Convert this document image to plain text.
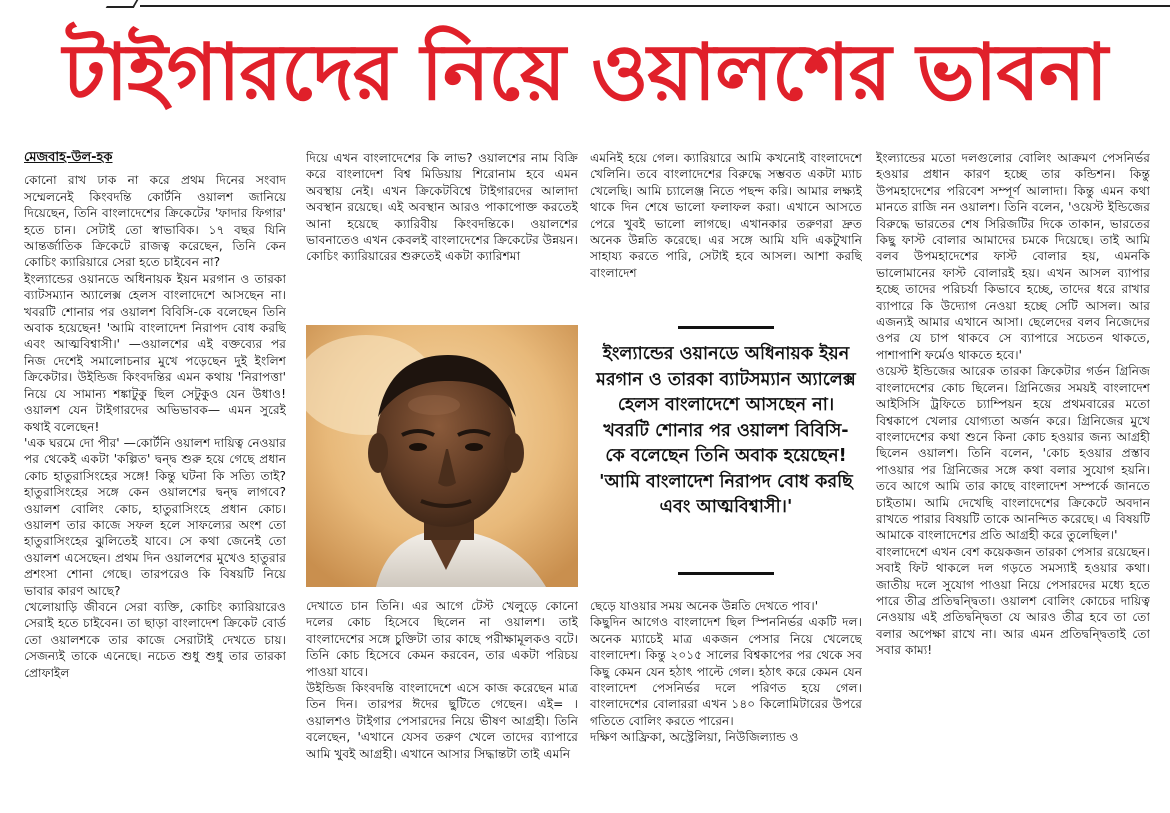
টাইগারদের নিয়ে ওয়ালশের ভাবনা

মেজবাহ-উল-হক

কোনো রাখ ঢাক না করে প্রথম দিনের সংবাদ সম্মেলনেই কিংবদন্তি কোর্টনি ওয়ালশ জানিয়ে দিয়েছেন, তিনি বাংলাদেশের ক্রিকেটের 'ফাদার ফিগার' হতে চান। সেটাই তো স্বাভাবিক। ১৭ বছর যিনি আন্তর্জাতিক ক্রিকেটে রাজত্ব করেছেন, তিনি কেন কোচিং ক্যারিয়ারে সেরা হতে চাইবেন না?

ইংল্যান্ডের ওয়ানডে অধিনায়ক ইয়ন মরগান ও তারকা ব্যাটসম্যান অ্যালেক্স হেলস বাংলাদেশে আসছেন না। খবরটি শোনার পর ওয়ালশ বিবিসি-কে বলেছেন তিনি অবাক হয়েছেন! 'আমি বাংলাদেশ নিরাপদ বোধ করছি এবং আত্মবিশ্বাসী।' —ওয়ালশের এই বক্তব্যের পর নিজ দেশেই সমালোচনার মুখে পড়েছেন দুই ইংলিশ ক্রিকেটার। উইন্ডিজ কিংবদন্তির এমন কথায় 'নিরাপত্তা' নিয়ে যে সামান্য শঙ্কাটুকু ছিল সেটুকুও যেন উধাও! ওয়ালশ যেন টাইগারদের অভিভাবক— এমন সুরেই কথাই বলেছেন!

'এক ঘরমে দো পীর' —কোর্টনি ওয়ালশ দায়িত্ব নেওয়ার পর থেকেই একটা 'কল্পিত' দ্বন্দ্ব শুরু হয়ে গেছে প্রধান কোচ হাতুরাসিংহের সঙ্গে! কিন্তু ঘটনা কি সত্যি তাই? হাতুরাসিংহের সঙ্গে কেন ওয়ালশের দ্বন্দ্ব লাগবে? ওয়ালশ বোলিং কোচ, হাতুরাসিংহে প্রধান কোচ। ওয়ালশ তার কাজে সফল হলে সাফল্যের অংশ তো হাতুরাসিংহের ঝুলিতেই যাবে। সে কথা জেনেই তো ওয়ালশ এসেছেন। প্রথম দিন ওয়ালশের মুখেও হাতুরার প্রশংসা শোনা গেছে। তারপরেও কি বিষয়টি নিয়ে ভাবার কারণ আছে?

খেলোয়াড়ি জীবনে সেরা ব্যক্তি, কোচিং ক্যারিয়ারেও সেরাই হতে চাইবেন। তা ছাড়া বাংলাদেশ ক্রিকেট বোর্ড তো ওয়ালশকে তার কাজে সেরাটাই দেখতে চায়। সেজন্যই তাকে এনেছে। নচেত শুধু শুধু তার তারকা প্রোফাইল

দিয়ে এখন বাংলাদেশের কি লাভ? ওয়ালশের নাম বিক্রি করে বাংলাদেশ বিশ্ব মিডিয়ায় শিরোনাম হবে এমন অবস্থায় নেই। এখন ক্রিকেটবিশ্বে টাইগারদের আলাদা অবস্থান রয়েছে। এই অবস্থান আরও পাকাপোক্ত করতেই আনা হয়েছে ক্যারিবীয় কিংবদন্তিকে। ওয়ালশের ভাবনাতেও এখন কেবলই বাংলাদেশের ক্রিকেটের উন্নয়ন। কোচিং ক্যারিয়ারের শুরুতেই একটা ক্যারিশমা

দেখাতে চান তিনি। এর আগে টেস্ট খেলুড়ে কোনো দলের কোচ হিসেবে ছিলেন না ওয়ালশ। তাই বাংলাদেশের সঙ্গে চুক্তিটা তার কাছে পরীক্ষামূলকও বটে। তিনি কোচ হিসেবে কেমন করবেন, তার একটা পরিচয় পাওয়া যাবে।

উইন্ডিজ কিংবদন্তি বাংলাদেশে এসে কাজ করেছেন মাত্র তিন দিন। তারপর ঈদের ছুটিতে গেছেন। এই= । ওয়ালশও টাইগার পেসারদের নিয়ে ভীষণ আগ্রহী। তিনি বলেছেন, 'এখানে যেসব তরুণ খেলে তাদের ব্যাপারে আমি খুবই আগ্রহী। এখানে আসার সিদ্ধান্তটা তাই এমনি

এমনিই হয়ে গেল। ক্যারিয়ারে আমি কখনোই বাংলাদেশে খেলিনি। তবে বাংলাদেশের বিরুদ্ধে সম্ভবত একটা ম্যাচ খেলেছি। আমি চ্যালেঞ্জ নিতে পছন্দ করি। আমার লক্ষ্যই থাকে দিন শেষে ভালো ফলাফল করা। এখানে আসতে পেরে খুবই ভালো লাগছে। এখানকার তরুণরা দ্রুত অনেক উন্নতি করেছে। এর সঙ্গে আমি যদি একটুখানি সাহায্য করতে পারি, সেটাই হবে আসল। আশা করছি বাংলাদেশ

ইংল্যান্ডের ওয়ানডে অধিনায়ক ইয়ন মরগান ও তারকা ব্যাটসম্যান অ্যালেক্স হেলস বাংলাদেশে আসছেন না। খবরটি শোনার পর ওয়ালশ বিবিসি-কে বলেছেন তিনি অবাক হয়েছেন! 'আমি বাংলাদেশ নিরাপদ বোধ করছি এবং আত্মবিশ্বাসী।'

ছেড়ে যাওয়ার সময় অনেক উন্নতি দেখতে পাব।'

কিছুদিন আগেও বাংলাদেশ ছিল স্পিননির্ভর একটি দল। অনেক ম্যাচেই মাত্র একজন পেসার নিয়ে খেলেছে বাংলাদেশ। কিন্তু ২০১৫ সালের বিশ্বকাপের পর থেকে সব কিছু কেমন যেন হঠাৎ পাল্টে গেল। হঠাৎ করে কেমন যেন বাংলাদেশ পেসনির্ভর দলে পরিণত হয়ে গেল। বাংলাদেশের বোলাররা এখন ১৪০ কিলোমিটারের উপরে গতিতে বোলিং করতে পারেন।

দক্ষিণ আফ্রিকা, অস্ট্রেলিয়া, নিউজিল্যান্ড ও

ইংল্যান্ডের মতো দলগুলোর বোলিং আক্রমণ পেসনির্ভর হওয়ার প্রধান কারণ হচ্ছে তার কন্ডিশন। কিন্তু উপমহাদেশের পরিবেশ সম্পূর্ণ আলাদা। কিন্তু এমন কথা মানতে রাজি নন ওয়ালশ। তিনি বলেন, 'ওয়েস্ট ইন্ডিজের বিরুদ্ধে ভারতের শেষ সিরিজটির দিকে তাকান, ভারতের কিছু ফাস্ট বোলার আমাদের চমকে দিয়েছে। তাই আমি বলব উপমহাদেশের ফাস্ট বোলার হয়, এমনকি ভালোমানের ফাস্ট বোলারই হয়। এখন আসল ব্যাপার হচ্ছে তাদের পরিচর্যা কিভাবে হচ্ছে, তাদের ধরে রাখার ব্যাপারে কি উদ্যোগ নেওয়া হচ্ছে সেটি আসল। আর এজন্যই আমার এখানে আসা। ছেলেদের বলব নিজেদের ওপর যে চাপ থাকবে সে ব্যাপারে সচেতন থাকতে, পাশাপাশি ফর্মেও থাকতে হবে।'

ওয়েস্ট ইন্ডিজের আরেক তারকা ক্রিকেটার গর্ডন গ্রিনিজ বাংলাদেশের কোচ ছিলেন। গ্রিনিজের সময়ই বাংলাদেশ আইসিসি ট্রফিতে চ্যাম্পিয়ন হয়ে প্রথমবারের মতো বিশ্বকাপে খেলার যোগ্যতা অর্জন করে। গ্রিনিজের মুখে বাংলাদেশের কথা শুনে কিনা কোচ হওয়ার জন্য আগ্রহী ছিলেন ওয়ালশ। তিনি বলেন, 'কোচ হওয়ার প্রস্তাব পাওয়ার পর গ্রিনিজের সঙ্গে কথা বলার সুযোগ হয়নি। তবে আগে আমি তার কাছে বাংলাদেশ সম্পর্কে জানতে চাইতাম। আমি দেখেছি বাংলাদেশের ক্রিকেটে অবদান রাখতে পারার বিষয়টি তাকে আনন্দিত করেছে। এ বিষয়টি আমাকে বাংলাদেশের প্রতি আগ্রহী করে তুলেছিল।'

বাংলাদেশে এখন বেশ কয়েকজন তারকা পেসার রয়েছেন। সবাই ফিট থাকলে দল গড়তে সমস্যাই হওয়ার কথা। জাতীয় দলে সুযোগ পাওয়া নিয়ে পেসারদের মধ্যে হতে পারে তীব্র প্রতিদ্বন্দ্বিতা। ওয়ালশ বোলিং কোচের দায়িত্ব নেওয়ায় এই প্রতিদ্বন্দ্বিতা যে আরও তীব্র হবে তা তো বলার অপেক্ষা রাখে না। আর এমন প্রতিদ্বন্দ্বিতাই তো সবার কাম্য!
